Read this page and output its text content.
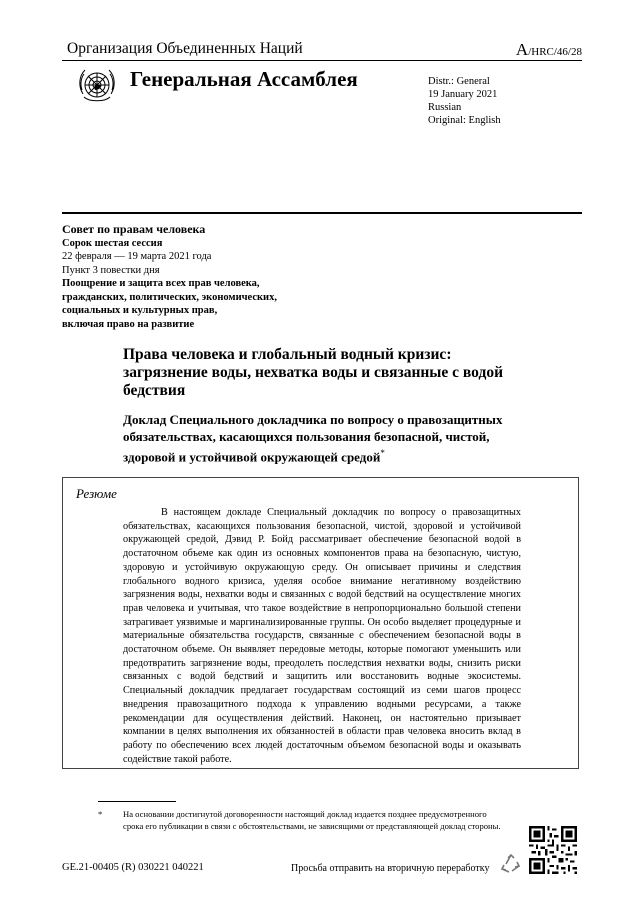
Организация Объединенных Наций	A/HRC/46/28
Генеральная Ассамблея	Distr.: General
19 January 2021
Russian
Original: English
Совет по правам человека
Сорок шестая сессия
22 февраля — 19 марта 2021 года
Пункт 3 повестки дня
Поощрение и защита всех прав человека,
гражданских, политических, экономических,
социальных и культурных прав,
включая право на развитие
Права человека и глобальный водный кризис: загрязнение воды, нехватка воды и связанные с водой бедствия
Доклад Специального докладчика по вопросу о правозащитных обязательствах, касающихся пользования безопасной, чистой, здоровой и устойчивой окружающей средой*
Резюме
В настоящем докладе Специальный докладчик по вопросу о правозащитных обязательствах, касающихся пользования безопасной, чистой, здоровой и устойчивой окружающей средой, Дэвид Р. Бойд рассматривает обеспечение безопасной водой в достаточном объеме как один из основных компонентов права на безопасную, чистую, здоровую и устойчивую окружающую среду. Он описывает причины и следствия глобального водного кризиса, уделяя особое внимание негативному воздействию загрязнения воды, нехватки воды и связанных с водой бедствий на осуществление многих прав человека и учитывая, что такое воздействие в непропорционально большой степени затрагивает уязвимые и маргинализированные группы. Он особо выделяет процедурные и материальные обязательства государств, связанные с обеспечением безопасной воды в достаточном объеме. Он выявляет передовые методы, которые помогают уменьшить или предотвратить загрязнение воды, преодолеть последствия нехватки воды, снизить риски связанных с водой бедствий и защитить или восстановить водные экосистемы. Специальный докладчик предлагает государствам состоящий из семи шагов процесс внедрения правозащитного подхода к управлению водными ресурсами, а также рекомендации для осуществления действий. Наконец, он настоятельно призывает компании в целях выполнения их обязанностей в области прав человека вносить вклад в работу по обеспечению всех людей достаточным объемом безопасной воды и оказывать содействие такой работе.
* На основании достигнутой договоренности настоящий доклад издается позднее предусмотренного срока его публикации в связи с обстоятельствами, не зависящими от представляющей доклад стороны.
GE.21-00405 (R) 030221 040221	Просьба отправить на вторичную переработку
